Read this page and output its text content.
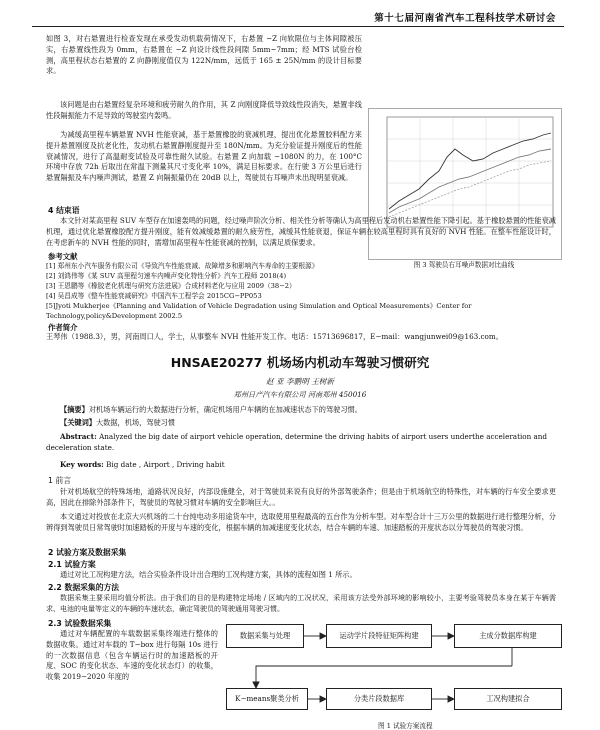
第十七届河南省汽车工程科技学术研讨会

如图 3，对右悬置进行检查发现在承受发动机载荷情况下，右悬置 −Z 向软限位与主体间隙被压实，右悬置线性段为 0mm，右悬置在 −Z 向设计线性段间隙 5mm~7mm；经 MTS 试验台检测，高里程状态右悬置的 Z 向静刚度值仅为 122N/mm，远低于 165 ± 25N/mm 的设计目标要求。

该问题是由右悬置经复杂环境和疲劳耐久的作用，其 Z 向刚度降低导致线性段消失，悬置非线性段隔振能力不足导致的驾驶室内轰鸣。

为减缓高里程车辆悬置 NVH 性能衰减，基于悬置橡胶的衰减机理，提出优化悬置胶料配方来提升悬置刚度及抗老化性，发动机右悬置静刚度提升至 180N/mm。为充分验证提升刚度后的性能衰减情况，进行了高温耐变试验及可靠性耐久试验。右悬置 Z 向加载 −1080N 的力，在 100°C 环境中存放 72h 后取出在常温下测量其尺寸变化率 10%，满足目标要求。在行驶 3 万公里后进行悬置隔振及车内噪声测试，悬置 Z 向隔振量仍在 20dB 以上，驾驶员右耳噪声未出现明显衰减。

图 3 驾驶员右耳噪声数据对比曲线
4 结束语

本文针对某高里程 SUV 车型存在加速轰鸣的问题，经过噪声阶次分析、相关性分析等确认为高里程后发动机右悬置性能下降引起。基于橡胶悬置的性能衰减机理，通过优化悬置橡胶配方提升刚度，能有效减缓悬置的耐久疲劳性，减缓其性能衰退，保证车辆在较高里程时具有良好的 NVH 性能。在整车性能设计时，在考虑新车的 NVH 性能的同时，需增加高里程车性能衰减的控制，以满足质保要求。

参考文献

[1] 郑州东小汽车服务有限公司《导致汽车性能衰减、故障增多和影响汽车寿命的主要根源》

[2] 刘鸿伟等《某 SUV 高里程匀速车内噪声变化特性分析》汽车工程师 2018(4)

[3] 王恩鹏等《橡胶老化机理与研究方法进展》合成材料老化与应用 2009（38−2）

[4] 吴昌成等《整车性能衰减研究》中国汽车工程学会 2015CG−PP053

[5]Jyoti Mukherjee《Planning and Validation of Vehicle Degradation using Simulation and Optical Measurements》Center for Technology,policy&Development 2002.5

作者简介

王琴伟（1988.3），男，河南周口人，学士，从事整车 NVH 性能开发工作。电话：15713696817，E−mail：wangjunwei09@163.com。

HNSAE20277 机场场内机动车驾驶习惯研究
赵 亚 李鹏明 王树新
郑州日产汽车有限公司 河南郑州 450016

【摘要】对机场车辆运行的大数据进行分析，确定机场用户车辆的在加减速状态下的驾驶习惯。

【关键词】大数据，机场，驾驶习惯

Abstract: Analyzed the big date of airport vehicle operation, determine the driving habits of airport users underthe acceleration and deceleration state.

Key words: Big date , Airport , Driving habit

1 前言

针对机场航空的特殊场地，道路状况良好，内部设施健全，对于驾驶员来说有良好的外部驾驶条件；但是由于机场航空的特殊性，对车辆的行车安全要求更高，因此在排除外部条件下，驾驶员的驾驶习惯对车辆的安全影响巨大。。

本文通过对投放在北京大兴机场的二十台纯电动多用途货车中，选取使用里程最高的五台作为分析车型。对车型合计十三万公里的数据进行进行整理分析，分辨得到驾驶员日常驾驶时加速踏板的开度与车速的变化，根据车辆的加减速度变化状态，结合车辆的车速、加速踏板的开度状态以分驾驶员的驾驶习惯。

2 试验方案及数据采集
2.1 试验方案

通过对比工况构建方法，结合实验条件设计出合理的工况构建方案，具体的流程如图 1 所示。

2.2 数据采集的方法

数据采集主要采用均值分析法。由于我们的目的是构建特定场地 / 区域内的工况状况，采用该方法受外部环境的影响较小，主要考验驾驶员本身在某于车辆需求、电池的电量等定义的车辆的车速状态，确定驾驶员的驾驶通用驾驶习惯。

2.3 试验数据采集

通过对车辆配置的车载数据采集终端进行整体的数据收集。通过对车载的 T−box 进行每隔 10s 进行的一次数据信息（包含车辆运行时的加速踏板的开度、SOC 的变化状态、车速的变化状态灯）的收集，收集 2019−2020 年度的

数据采集与处理	运动学片段特征矩阵构建	主成分数据库构建
K−means聚类分析	分类片段数据库	工况构建拟合
图 1 试验方案流程
